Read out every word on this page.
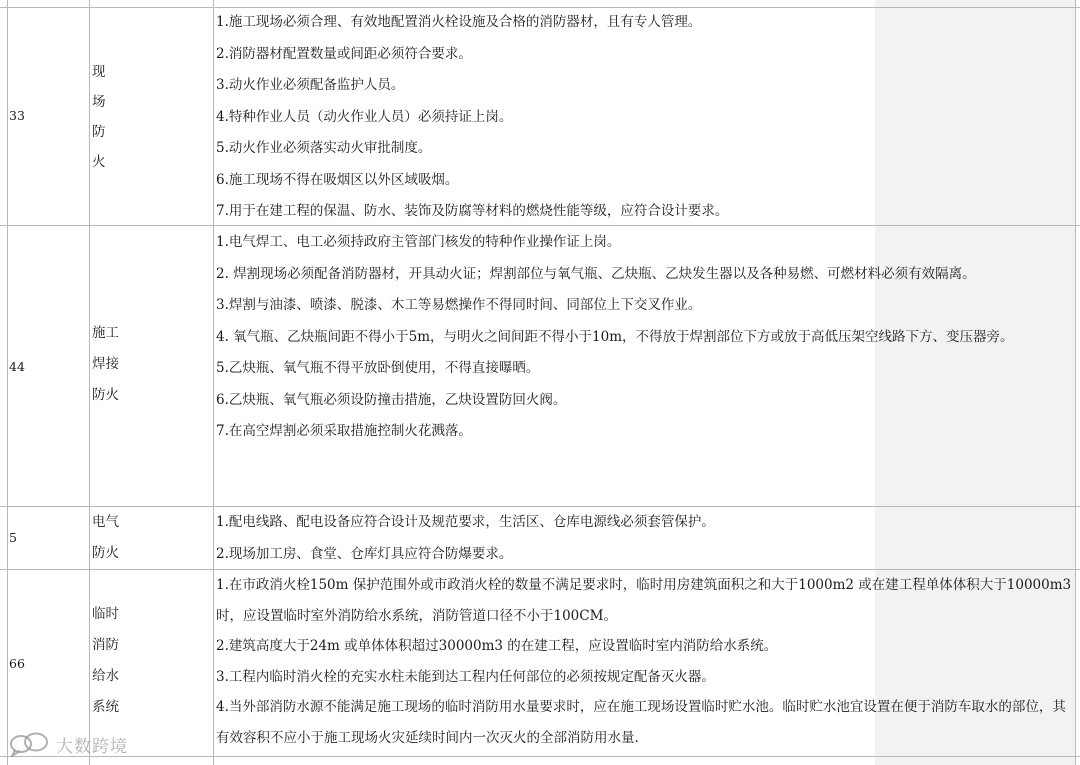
33
现
场
防
火
1.施工现场必须合理、有效地配置消火栓设施及合格的消防器材，且有专人管理。
2.消防器材配置数量或间距必须符合要求。
3.动火作业必须配备监护人员。
4.特种作业人员（动火作业人员）必须持证上岗。
5.动火作业必须落实动火审批制度。
6.施工现场不得在吸烟区以外区域吸烟。
7.用于在建工程的保温、防水、装饰及防腐等材料的燃烧性能等级，应符合设计要求。
44
施工
焊接
防火
1.电气焊工、电工必须持政府主管部门核发的特种作业操作证上岗。
2. 焊割现场必须配备消防器材，开具动火证；焊割部位与氧气瓶、乙炔瓶、乙炔发生器以及各种易燃、可燃材料必须有效隔离。
3.焊割与油漆、喷漆、脱漆、木工等易燃操作不得同时间、同部位上下交叉作业。
4. 氧气瓶、乙炔瓶间距不得小于5m，与明火之间间距不得小于10m，不得放于焊割部位下方或放于高低压架空线路下方、变压器旁。
5.乙炔瓶、氧气瓶不得平放卧倒使用，不得直接曝晒。
6.乙炔瓶、氧气瓶必须设防撞击措施，乙炔设置防回火阀。
7.在高空焊割必须采取措施控制火花溅落。
5
电气
防火
1.配电线路、配电设备应符合设计及规范要求，生活区、仓库电源线必须套管保护。
2.现场加工房、食堂、仓库灯具应符合防爆要求。
66
临时
消防
给水
系统
1.在市政消火栓150m 保护范围外或市政消火栓的数量不满足要求时，临时用房建筑面积之和大于1000m2 或在建工程单体体积大于10000m3 时，应设置临时室外消防给水系统，消防管道口径不小于100CM。
2.建筑高度大于24m 或单体体积超过30000m3 的在建工程，应设置临时室内消防给水系统。
3.工程内临时消火栓的充实水柱未能到达工程内任何部位的必须按规定配备灭火器。
4.当外部消防水源不能满足施工现场的临时消防用水量要求时，应在施工现场设置临时贮水池。临时贮水池宜设置在便于消防车取水的部位，其有效容积不应小于施工现场火灾延续时间内一次灭火的全部消防用水量.
大数跨境
